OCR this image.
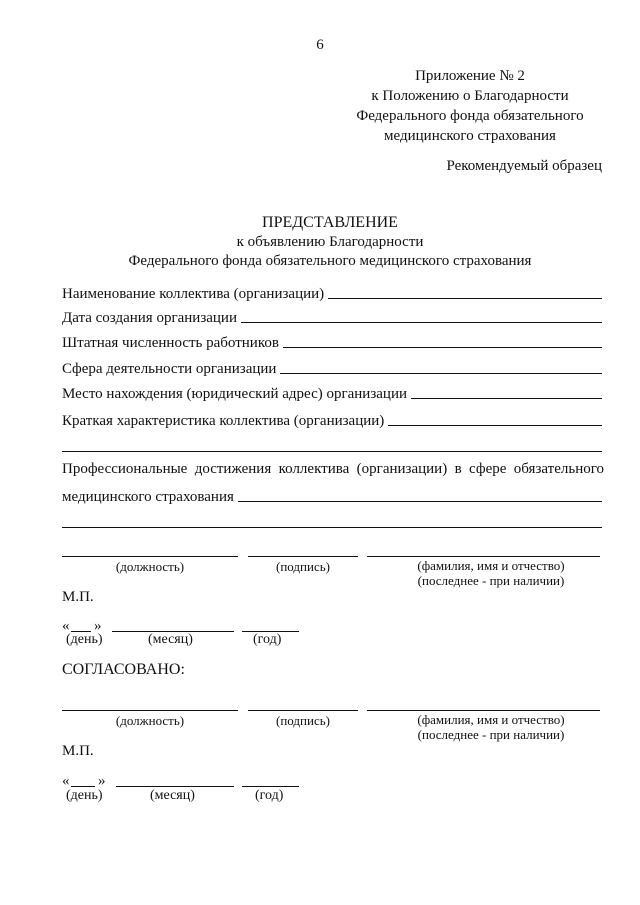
6
Приложение № 2
к Положению о Благодарности
Федерального фонда обязательного
медицинского страхования
Рекомендуемый образец
ПРЕДСТАВЛЕНИЕ
к объявлению Благодарности
Федерального фонда обязательного медицинского страхования
Наименование коллектива (организации)
Дата создания организации
Штатная численность работников
Сфера деятельности организации
Место нахождения (юридический адрес) организации
Краткая характеристика коллектива (организации)
Профессиональные достижения коллектива (организации) в сфере обязательного
медицинского страхования
(должность)	(подпись)	(фамилия, имя и отчество)
(последнее - при наличии)
М.П.
« »
(день)	(месяц)	(год)
СОГЛАСОВАНО:
(должность)	(подпись)	(фамилия, имя и отчество)
(последнее - при наличии)
М.П.
« »
(день)	(месяц)	(год)
